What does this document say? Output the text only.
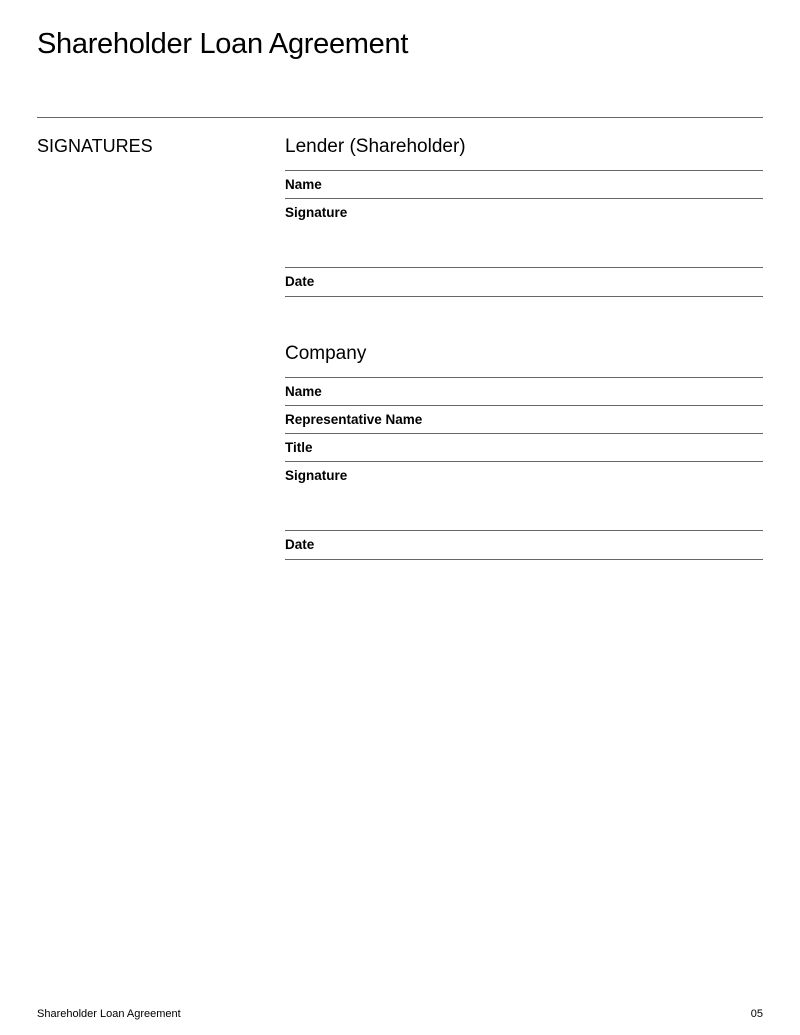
Shareholder Loan Agreement
SIGNATURES	Lender (Shareholder)
Name
Signature
Date
Company
Name
Representative Name
Title
Signature
Date
Shareholder Loan Agreement	05
